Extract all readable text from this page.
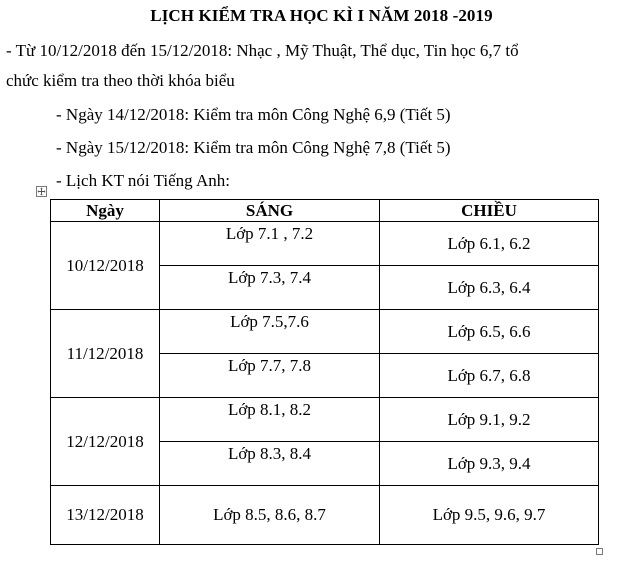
LỊCH KIỂM TRA HỌC KÌ I NĂM 2018 -2019
- Từ 10/12/2018 đến 15/12/2018: Nhạc , Mỹ Thuật, Thể dục, Tin học 6,7 tổ
chức kiểm tra theo thời khóa biểu
- Ngày 14/12/2018: Kiểm tra môn Công Nghệ 6,9 (Tiết 5)
- Ngày 15/12/2018: Kiểm tra môn Công Nghệ 7,8 (Tiết 5)
- Lịch KT nói Tiếng Anh:
Ngày	SÁNG	CHIỀU
10/12/2018	Lớp 7.1 , 7.2	Lớp 6.1, 6.2

	Lớp 7.3, 7.4	Lớp 6.3, 6.4
11/12/2018	Lớp 7.5,7.6	Lớp 6.5, 6.6

	Lớp 7.7, 7.8	Lớp 6.7, 6.8
12/12/2018	Lớp 8.1, 8.2	Lớp 9.1, 9.2

	Lớp 8.3, 8.4	Lớp 9.3, 9.4
13/12/2018	Lớp 8.5, 8.6, 8.7	Lớp 9.5, 9.6, 9.7
